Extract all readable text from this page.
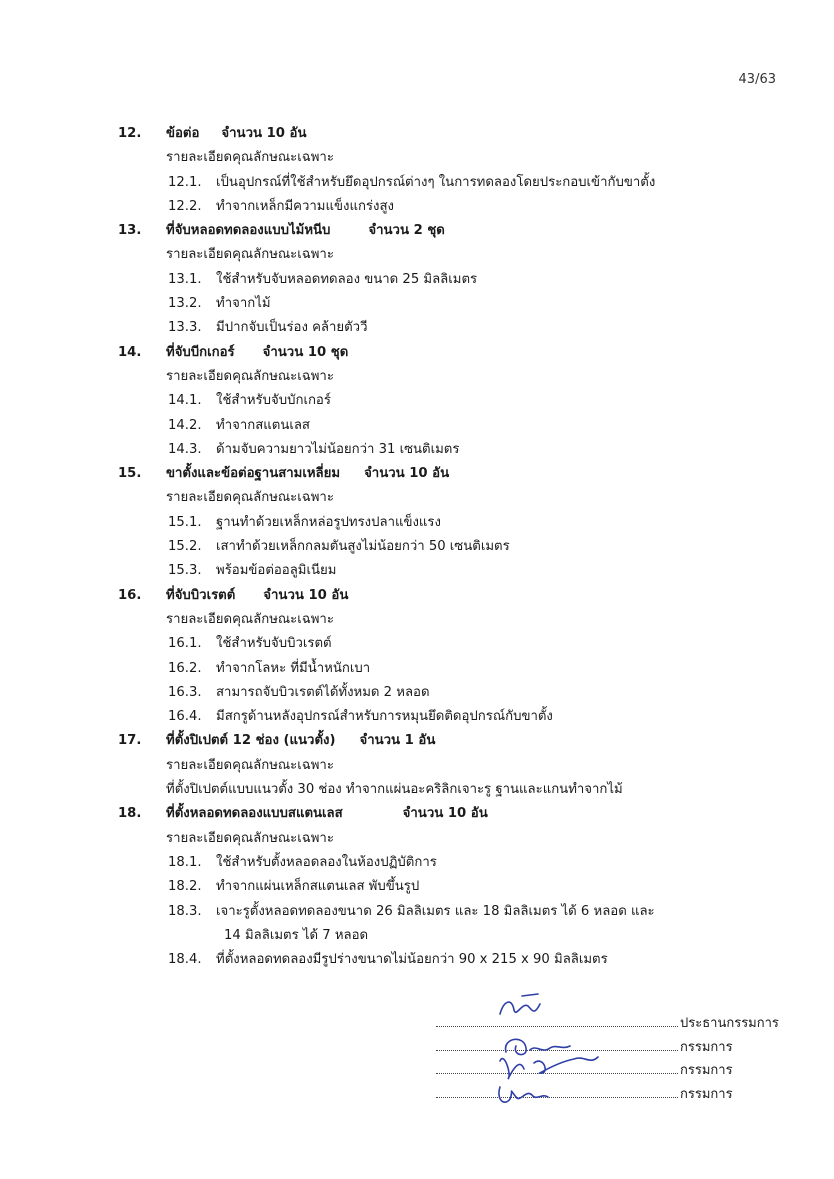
43/63
12. ข้อต่อ จำนวน 10 อัน
รายละเอียดคุณลักษณะเฉพาะ
12.1. เป็นอุปกรณ์ที่ใช้สำหรับยึดอุปกรณ์ต่างๆ ในการทดลองโดยประกอบเข้ากับขาตั้ง
12.2. ทำจากเหล็กมีความแข็งแกร่งสูง
13. ที่จับหลอดทดลองแบบไม้หนีบ	จำนวน 2 ชุด
รายละเอียดคุณลักษณะเฉพาะ
13.1. ใช้สำหรับจับหลอดทดลอง ขนาด 25 มิลลิเมตร
13.2. ทำจากไม้
13.3. มีปากจับเป็นร่อง คล้ายตัววี
14. ที่จับบีกเกอร์ จำนวน 10 ชุด
รายละเอียดคุณลักษณะเฉพาะ
14.1. ใช้สำหรับจับบักเกอร์
14.2. ทำจากสแตนเลส
14.3. ด้ามจับความยาวไม่น้อยกว่า 31 เซนติเมตร
15. ขาตั้งและข้อต่อฐานสามเหลี่ยม จำนวน 10 อัน
รายละเอียดคุณลักษณะเฉพาะ
15.1. ฐานทำด้วยเหล็กหล่อรูปทรงปลาแข็งแรง
15.2. เสาทำด้วยเหล็กกลมตันสูงไม่น้อยกว่า 50 เซนติเมตร
15.3. พร้อมข้อต่ออลูมิเนียม
16. ที่จับบิวเรตต์ จำนวน 10 อัน
รายละเอียดคุณลักษณะเฉพาะ
16.1. ใช้สำหรับจับบิวเรตต์
16.2. ทำจากโลหะ ที่มีน้ำหนักเบา
16.3. สามารถจับบิวเรตต์ได้ทั้งหมด 2 หลอด
16.4. มีสกรูด้านหลังอุปกรณ์สำหรับการหมุนยึดติดอุปกรณ์กับขาตั้ง
17. ที่ตั้งปิเปตต์ 12 ช่อง (แนวตั้ง) จำนวน 1 อัน
รายละเอียดคุณลักษณะเฉพาะ
ที่ตั้งปิเปตต์แบบแนวตั้ง 30 ช่อง ทำจากแผ่นอะคริลิกเจาะรู ฐานและแกนทำจากไม้
18. ที่ตั้งหลอดทดลองแบบสแตนเลส	จำนวน 10 อัน
รายละเอียดคุณลักษณะเฉพาะ
18.1. ใช้สำหรับตั้งหลอดลองในห้องปฏิบัติการ
18.2. ทำจากแผ่นเหล็กสแตนเลส พับขึ้นรูป
18.3. เจาะรูตั้งหลอดทดลองขนาด 26 มิลลิเมตร และ 18 มิลลิเมตร ได้ 6 หลอด และ
14 มิลลิเมตร ได้ 7 หลอด
18.4. ที่ตั้งหลอดทดลองมีรูปร่างขนาดไม่น้อยกว่า 90 x 215 x 90 มิลลิเมตร
ประธานกรรมการ
กรรมการ
กรรมการ
กรรมการ
